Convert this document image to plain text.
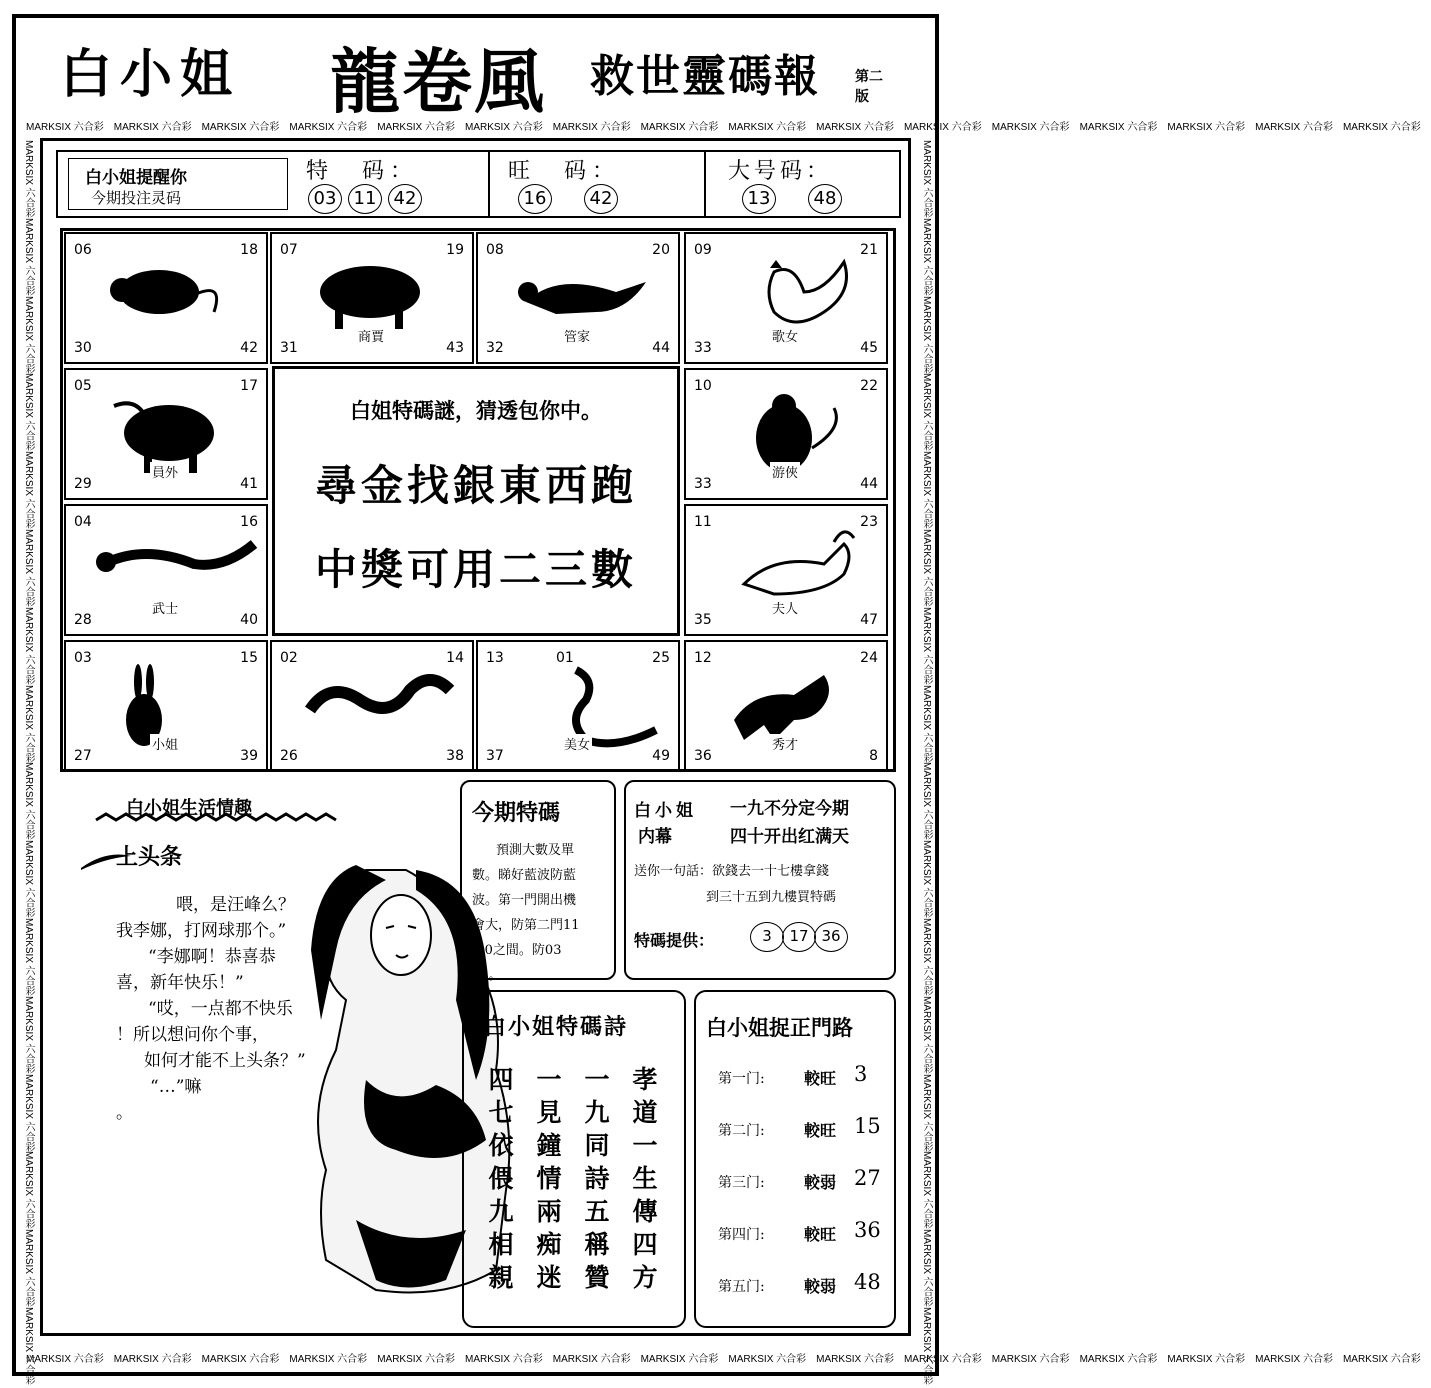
白小姐 龍卷風 救世靈碼報	第二版
MARKSIX 六合彩 MARKSIX 六合彩 MARKSIX 六合彩 MARKSIX 六合彩 MARKSIX 六合彩 MARKSIX 六合彩 MARKSIX 六合彩 MARKSIX 六合彩 MARKSIX 六合彩 MARKSIX 六合彩 MARKSIX 六合彩 MARKSIX 六合彩 MARKSIX 六合彩 MARKSIX 六合彩 MARKSIX 六合彩 MARKSIX 六合彩
MARKSIX 六合彩 MARKSIX 六合彩 MARKSIX 六合彩 MARKSIX 六合彩 MARKSIX 六合彩 MARKSIX 六合彩 MARKSIX 六合彩 MARKSIX 六合彩 MARKSIX 六合彩 MARKSIX 六合彩 MARKSIX 六合彩 MARKSIX 六合彩 MARKSIX 六合彩 MARKSIX 六合彩 MARKSIX 六合彩 MARKSIX 六合彩
MARKSIX 六合彩MARKSIX 六合彩MARKSIX 六合彩MARKSIX 六合彩MARKSIX 六合彩MARKSIX 六合彩MARKSIX 六合彩MARKSIX 六合彩MARKSIX 六合彩MARKSIX 六合彩MARKSIX 六合彩MARKSIX 六合彩MARKSIX 六合彩MARKSIX 六合彩MARKSIX 六合彩MARKSIX 六合彩
MARKSIX 六合彩MARKSIX 六合彩MARKSIX 六合彩MARKSIX 六合彩MARKSIX 六合彩MARKSIX 六合彩MARKSIX 六合彩MARKSIX 六合彩MARKSIX 六合彩MARKSIX 六合彩MARKSIX 六合彩MARKSIX 六合彩MARKSIX 六合彩MARKSIX 六合彩MARKSIX 六合彩MARKSIX 六合彩
白小姐提醒你
今期投注灵码
特　码：
03 11 42
旺　码：
16 42
大号码：
13 48
06	18
30	42
07	19
31	43
商賈
08	20
32	44
管家
09	21
33	45
歌女
05	17
29	41
員外
10	22
33	44
游俠
04	16
28	40
武士
11	23
35	47
夫人
03	15
27	39
小姐
02	14
26	38
13	25
37	49
01
美女
12	24
36	8
秀才
白姐特碼謎，猜透包你中。
尋金找銀東西跑
中獎可用二三數
白小姐生活情趣
上头条
喂，是汪峰么？
我李娜，打网球那个。”
“李娜啊！恭喜恭
喜，新年快乐！”
“哎，一点都不快乐
！所以想问你个事，
如何才能不上头条？”
“…”嘛
。
今期特碼
預測大數及單
數。睇好藍波防藍
波。第一門開出機
會大，防第二門11
-20之間。防03
38。
白小姐
内幕
一九不分定今期
四十开出红满天
送你一句話：欲錢去一十七樓拿錢
到三十五到九樓買特碼
特碼提供：	3 17 36
白小姐特碼詩
四七依偎九相親 一見鐘情兩痴迷 一九同詩五稱贊 孝道一生傳四方
白小姐捉正門路
第一门: 較旺 3
第二门: 較旺 15
第三门: 較弱 27
第四门: 較旺 36
第五门: 較弱 48
